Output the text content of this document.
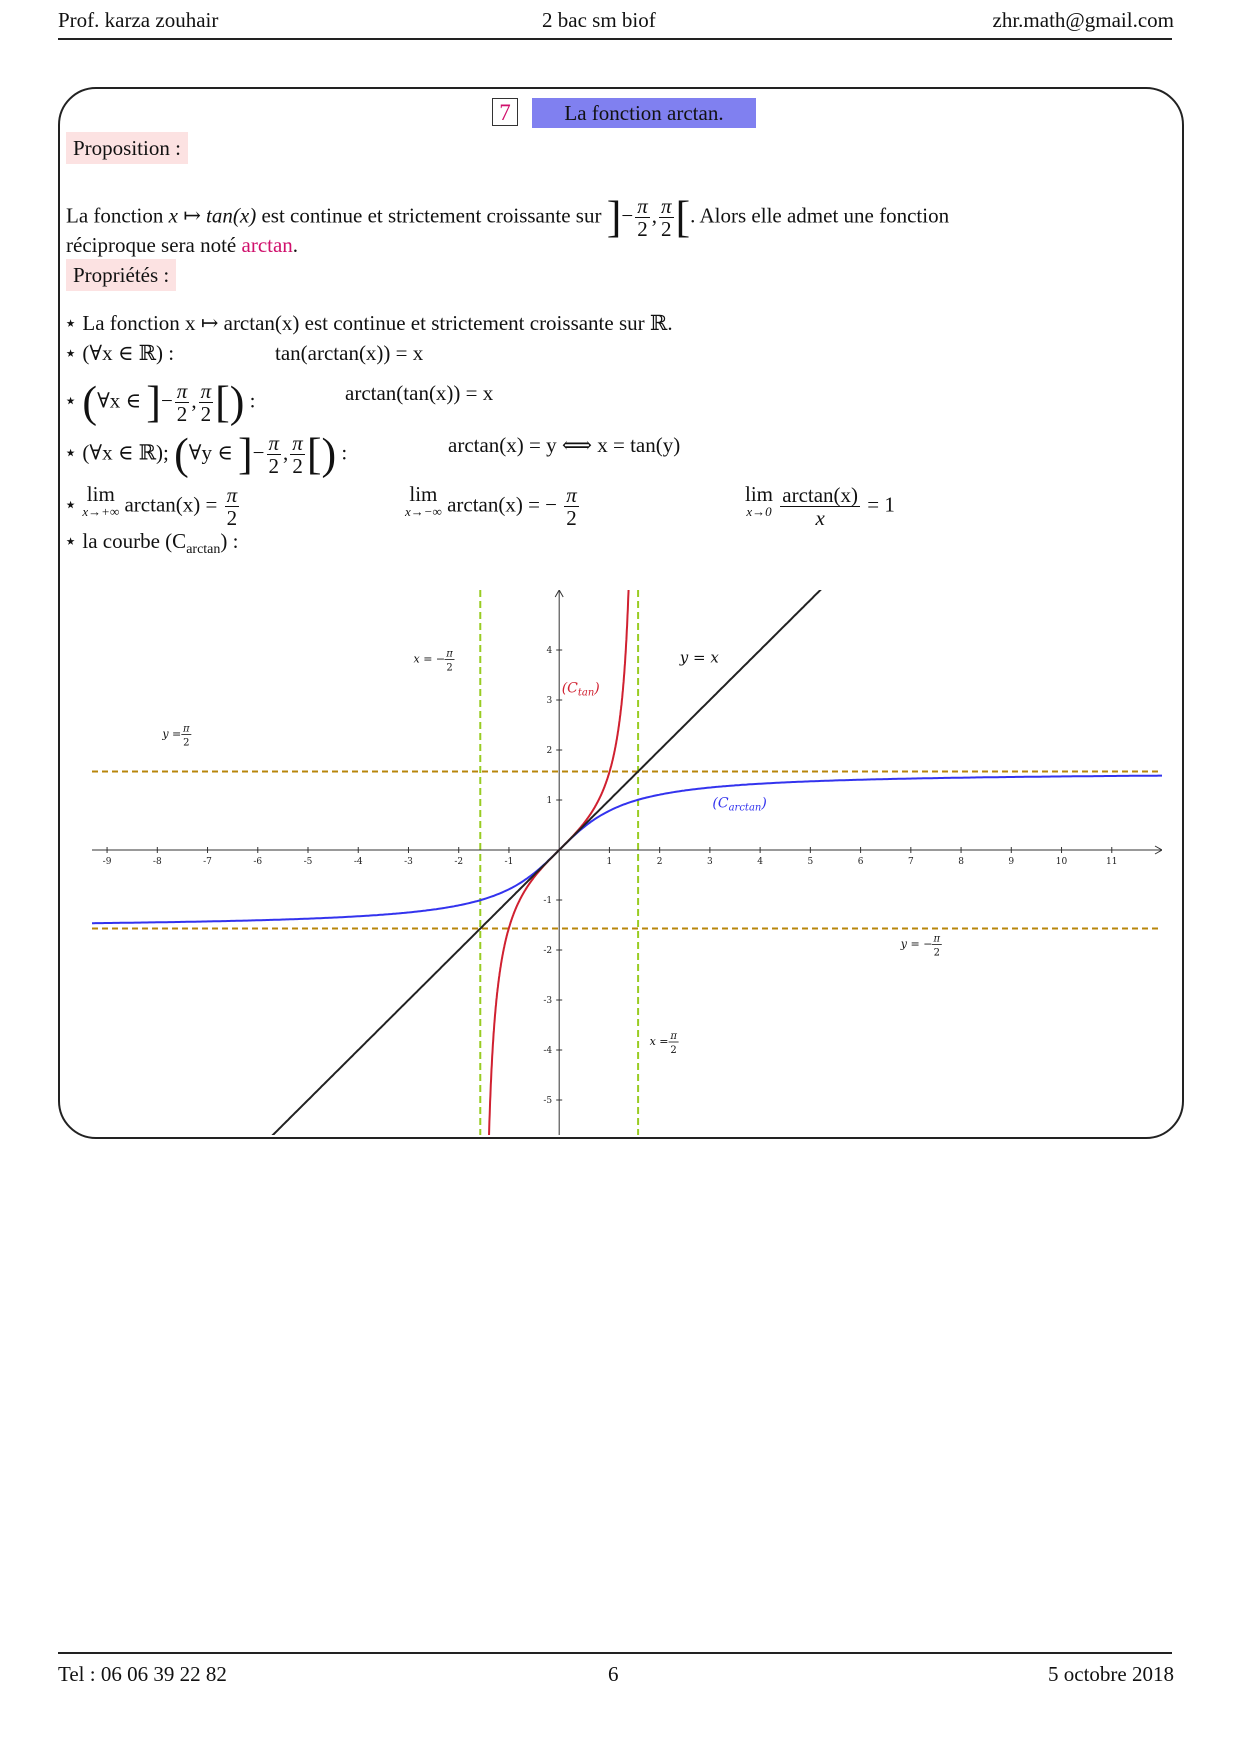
Prof. karza zouhair	2 bac sm biof	zhr.math@gmail.com
7	La fonction arctan.
Proposition :
La fonction x ↦ tan(x) est continue et strictement croissante sur ]− $\frac{\pi}{2}$ , $\frac{\pi}{2}$ [. Alors elle admet une fonction
réciproque sera noté arctan.
Propriétés :
⋆ La fonction x ↦ arctan(x) est continue et strictement croissante sur ℝ.
⋆ (∀x ∈ ℝ) :	tan(arctan(x)) = x
⋆ (∀x ∈ ]− $\frac{\pi}{2}$ , $\frac{\pi}{2}$ [) :	arctan(tan(x)) = x
⋆ (∀x ∈ ℝ); (∀y ∈ ]− $\frac{\pi}{2}$ , $\frac{\pi}{2}$ [) :	arctan(x) = y ⟺ x = tan(y)
⋆ lim
x→+∞ $\arctan(x) = \frac{\pi}{2}$	lim
x→−∞ arctan(x) = − $\frac{\pi}{2}$	lim
x→0
$\frac{\arctan(x)}{x} = 1$
⋆ la courbe $(C_{arctan})$ :
-9	-8	-7	-6	-5	-4	-3	-2	-1	1	2	3	4	5	6	7	8	9	10	11
-5
-4
-3
-2
-1
1
2
3
4
$(C_{tan})$
$(C_{arctan})$
y = x
y = π
2
y = − π
2
x = π
2
x = − π
2
Tel : 06 06 39 22 82	6	5 octobre 2018
